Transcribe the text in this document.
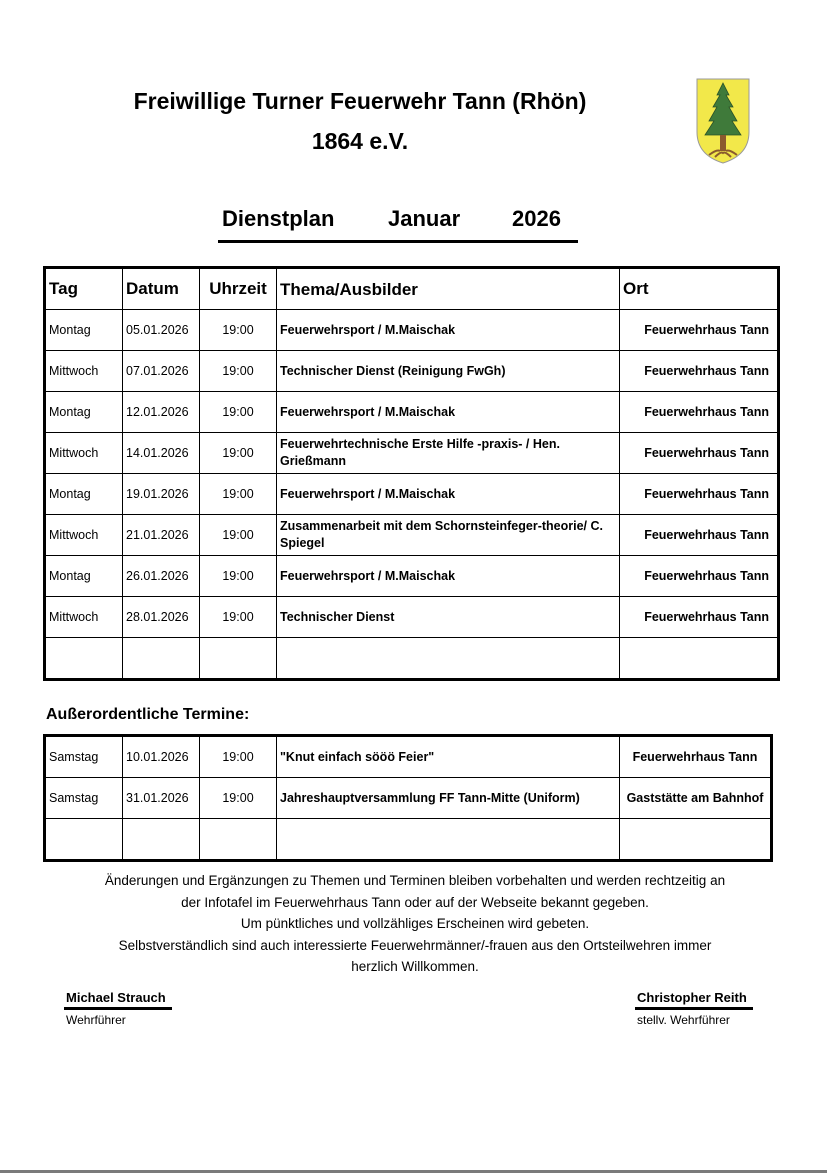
Freiwillige Turner Feuerwehr Tann (Rhön)
1864 e.V.
Dienstplan Januar 2026
Tag	Datum	Uhrzeit	Thema/Ausbilder	Ort
Montag	05.01.2026	19:00	Feuerwehrsport / M.Maischak	Feuerwehrhaus Tann
Mittwoch	07.01.2026	19:00	Technischer Dienst (Reinigung FwGh)	Feuerwehrhaus Tann
Montag	12.01.2026	19:00	Feuerwehrsport / M.Maischak	Feuerwehrhaus Tann
Mittwoch	14.01.2026	19:00	Feuerwehrtechnische Erste Hilfe -praxis- / Hen. Grießmann	Feuerwehrhaus Tann
Montag	19.01.2026	19:00	Feuerwehrsport / M.Maischak	Feuerwehrhaus Tann
Mittwoch	21.01.2026	19:00	Zusammenarbeit mit dem Schornsteinfeger-theorie/ C. Spiegel	Feuerwehrhaus Tann
Montag	26.01.2026	19:00	Feuerwehrsport / M.Maischak	Feuerwehrhaus Tann
Mittwoch	28.01.2026	19:00	Technischer Dienst	Feuerwehrhaus Tann

Außerordentliche Termine:
Samstag	10.01.2026	19:00	"Knut einfach sööö Feier"	Feuerwehrhaus Tann
Samstag	31.01.2026	19:00	Jahreshauptversammlung FF Tann-Mitte (Uniform)	Gaststätte am Bahnhof

Änderungen und Ergänzungen zu Themen und Terminen bleiben vorbehalten und werden rechtzeitig an
der Infotafel im Feuerwehrhaus Tann oder auf der Webseite bekannt gegeben.
Um pünktliches und vollzähliges Erscheinen wird gebeten.
Selbstverständlich sind auch interessierte Feuerwehrmänner/-frauen aus den Ortsteilwehren immer
herzlich Willkommen.
Michael Strauch
Wehrführer
Christopher Reith
stellv. Wehrführer
